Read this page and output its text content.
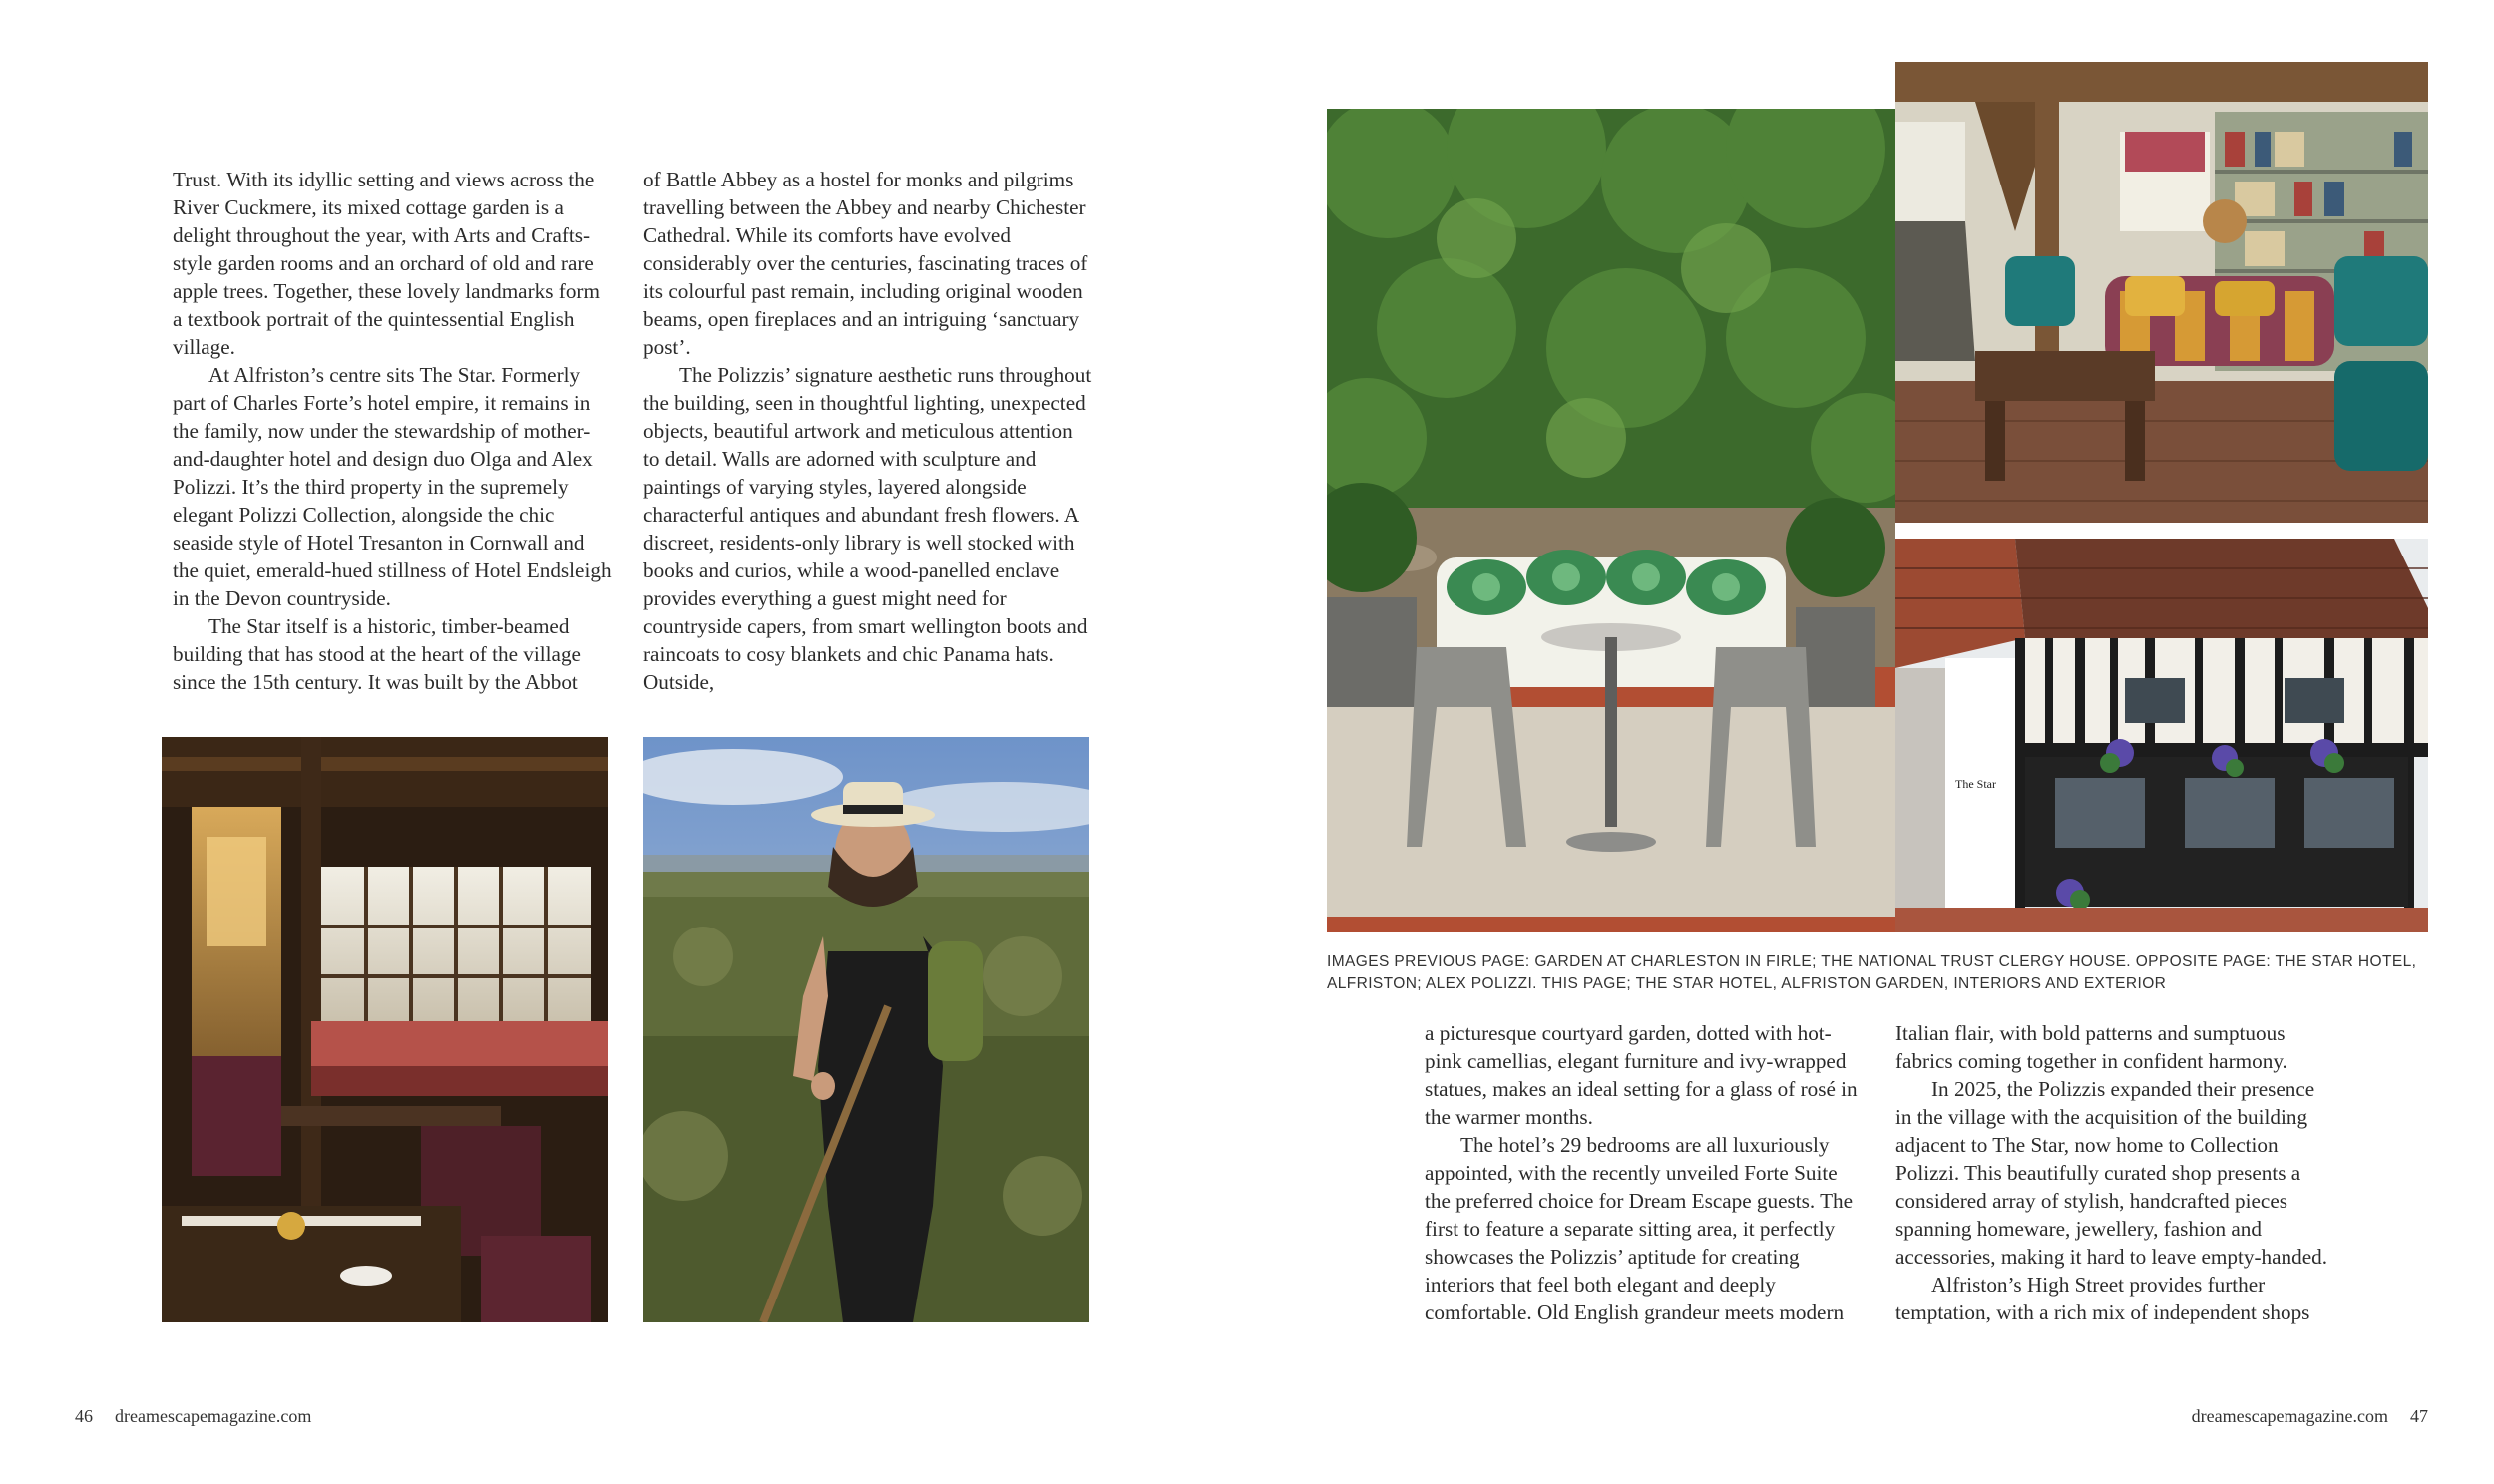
Trust. With its idyllic setting and views across the River Cuckmere, its mixed cottage garden is a delight throughout the year, with Arts and Crafts-style garden rooms and an orchard of old and rare apple trees. Together, these lovely landmarks form a textbook portrait of the quintessential English village.

At Alfriston’s centre sits The Star. Formerly part of Charles Forte’s hotel empire, it remains in the family, now under the stewardship of mother-and-daughter hotel and design duo Olga and Alex Polizzi. It’s the third property in the supremely elegant Polizzi Collection, alongside the chic seaside style of Hotel Tresanton in Cornwall and the quiet, emerald-hued stillness of Hotel Endsleigh in the Devon countryside.

The Star itself is a historic, timber-beamed building that has stood at the heart of the village since the 15th century. It was built by the Abbot

of Battle Abbey as a hostel for monks and pilgrims travelling between the Abbey and nearby Chichester Cathedral. While its comforts have evolved considerably over the centuries, fascinating traces of its colourful past remain, including original wooden beams, open fireplaces and an intriguing ‘sanctuary post’.

The Polizzis’ signature aesthetic runs throughout the building, seen in thoughtful lighting, unexpected objects, beautiful artwork and meticulous attention to detail. Walls are adorned with sculpture and paintings of varying styles, layered alongside characterful antiques and abundant fresh flowers. A discreet, residents-only library is well stocked with books and curios, while a wood-panelled enclave provides everything a guest might need for countryside capers, from smart wellington boots and raincoats to cosy blankets and chic Panama hats. Outside,

The Star
IMAGES PREVIOUS PAGE: GARDEN AT CHARLESTON IN FIRLE; THE NATIONAL TRUST CLERGY HOUSE. OPPOSITE PAGE: THE STAR HOTEL, ALFRISTON; ALEX POLIZZI. THIS PAGE; THE STAR HOTEL, ALFRISTON GARDEN, INTERIORS AND EXTERIOR

a picturesque courtyard garden, dotted with hot-pink camellias, elegant furniture and ivy-wrapped statues, makes an ideal setting for a glass of rosé in the warmer months.

The hotel’s 29 bedrooms are all luxuriously appointed, with the recently unveiled Forte Suite the preferred choice for Dream Escape guests. The first to feature a separate sitting area, it perfectly showcases the Polizzis’ aptitude for creating interiors that feel both elegant and deeply comfortable. Old English grandeur meets modern

Italian flair, with bold patterns and sumptuous fabrics coming together in confident harmony.

In 2025, the Polizzis expanded their presence in the village with the acquisition of the building adjacent to The Star, now home to Collection Polizzi. This beautifully curated shop presents a considered array of stylish, handcrafted pieces spanning homeware, jewellery, fashion and accessories, making it hard to leave empty-handed.

Alfriston’s High Street provides further temptation, with a rich mix of independent shops

46 dreamescapemagazine.com	dreamescapemagazine.com 47
